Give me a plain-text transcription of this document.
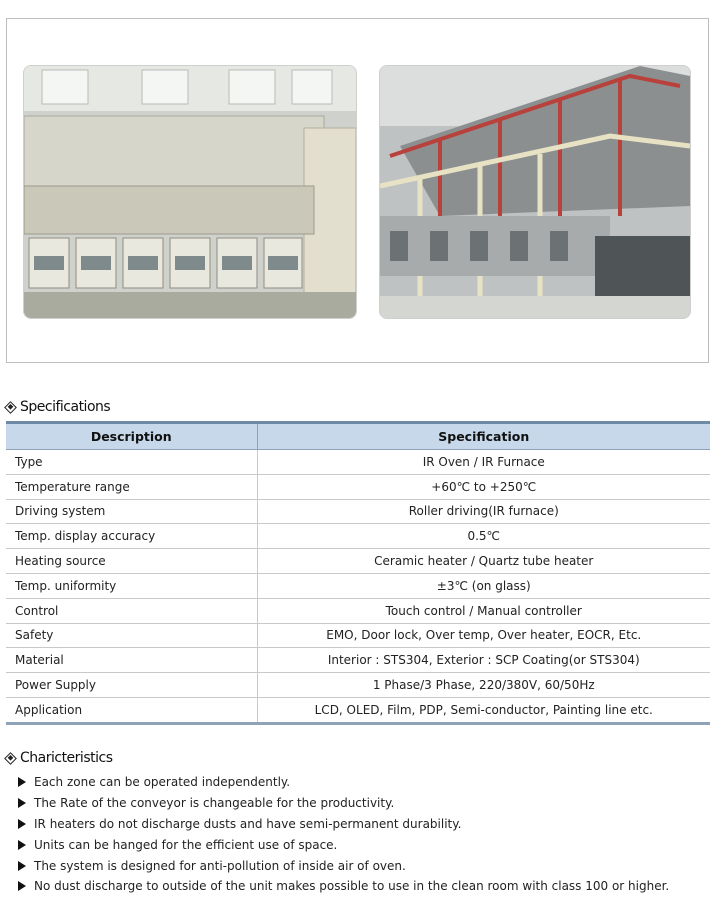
Specifications
Description	Specification
Type	IR Oven / IR Furnace
Temperature range	+60℃ to +250℃
Driving system	Roller driving(IR furnace)
Temp. display accuracy	0.5℃
Heating source	Ceramic heater / Quartz tube heater
Temp. uniformity	±3℃ (on glass)
Control	Touch control / Manual controller
Safety	EMO, Door lock, Over temp, Over heater, EOCR, Etc.
Material	Interior : STS304, Exterior : SCP Coating(or STS304)
Power Supply	1 Phase/3 Phase, 220/380V, 60/50Hz
Application	LCD, OLED, Film, PDP, Semi-conductor, Painting line etc.
Charicteristics
Each zone can be operated independently.
The Rate of the conveyor is changeable for the productivity.
IR heaters do not discharge dusts and have semi-permanent durability.
Units can be hanged for the efficient use of space.
The system is designed for anti-pollution of inside air of oven.
No dust discharge to outside of the unit makes possible to use in the clean room with class 100 or higher.
